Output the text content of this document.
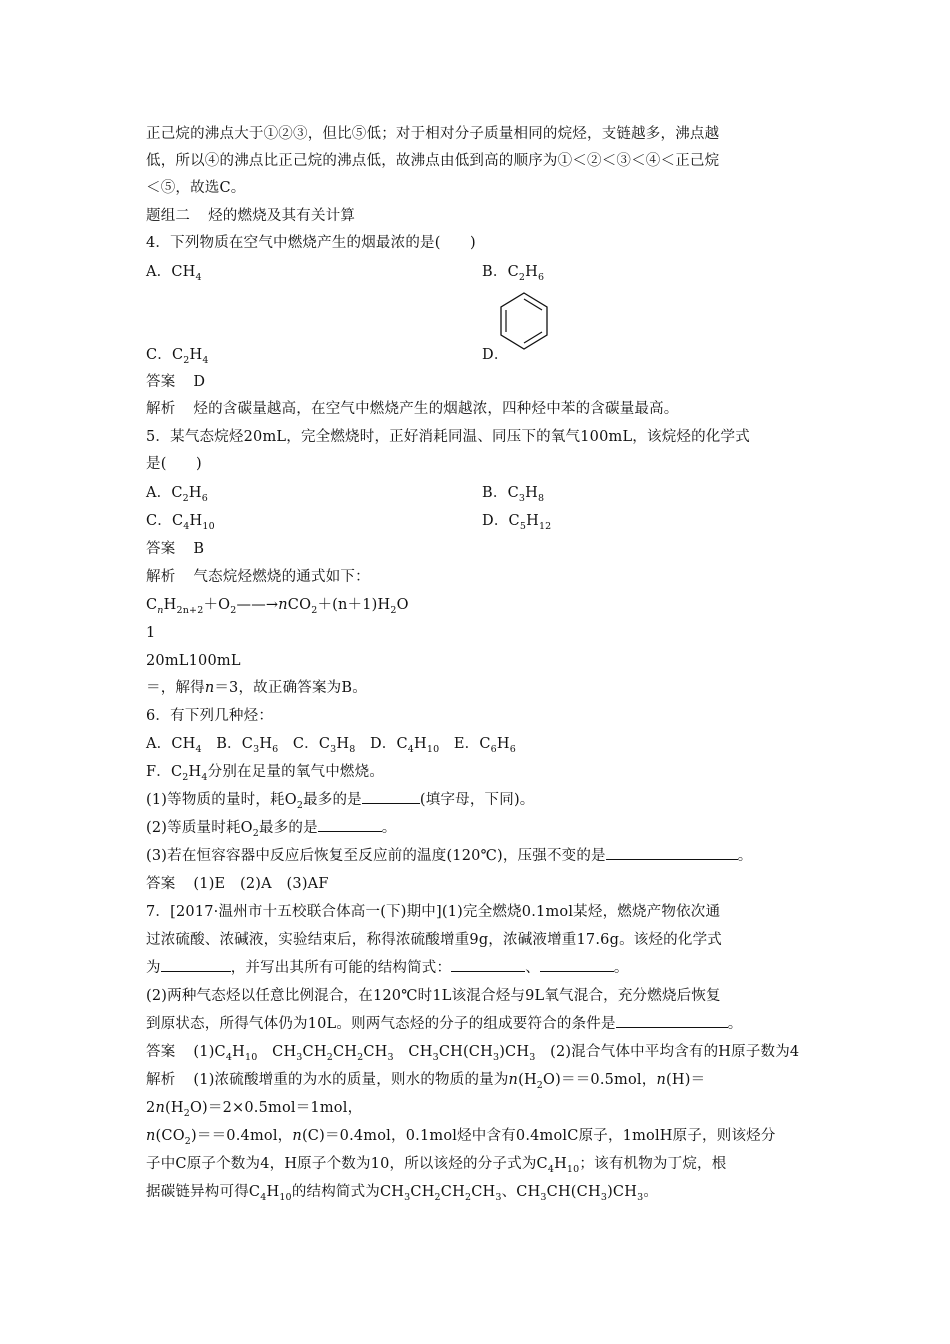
正己烷的沸点大于①②③，但比⑤低；对于相对分子质量相同的烷烃，支链越多，沸点越
低，所以④的沸点比正己烷的沸点低，故沸点由低到高的顺序为①＜②＜③＜④＜正己烷
＜⑤，故选C。
题组二 烃的燃烧及其有关计算
4．下列物质在空气中燃烧产生的烟最浓的是(　　)
A．$CH_4$	B．$C_2H_6$
C．$C_2H_4$	D．
答案 D
解析 烃的含碳量越高，在空气中燃烧产生的烟越浓，四种烃中苯的含碳量最高。
5．某气态烷烃20mL，完全燃烧时，正好消耗同温、同压下的氧气100mL，该烷烃的化学式
是(　　)
A．$C_2H_6$	B．$C_3H_8$
C．$C_4H_{10}$	D．$C_5H_{12}$
答案 B
解析 气态烷烃燃烧的通式如下：
$C_nH_{2n+2}+O_2——\to nCO_2+(n+1)H_2O$
1
20mL100mL
＝，解得n＝3，故正确答案为B。
6．有下列几种烃：
A．$CH_4$ B．$C_3H_6$ C．$C_3H_8$ D．$C_4H_{10}$ E．$C_6H_6$
F．$C_2H_4$分别在足量的氧气中燃烧。
(1)等物质的量时，耗$O_2$最多的是	(填字母，下同)。
(2)等质量时耗$O_2$最多的是	。
(3)若在恒容容器中反应后恢复至反应前的温度(120℃)，压强不变的是	。
答案 (1)E　(2)A　(3)AF
7．[2017·温州市十五校联合体高一(下)期中](1)完全燃烧0.1mol某烃，燃烧产物依次通
过浓硫酸、浓碱液，实验结束后，称得浓硫酸增重9g，浓碱液增重17.6g。该烃的化学式
为	，并写出其所有可能的结构简式：	、	。
(2)两种气态烃以任意比例混合，在120℃时1L该混合烃与9L氧气混合，充分燃烧后恢复
到原状态，所得气体仍为10L。则两气态烃的分子的组成要符合的条件是	。
答案 $(1)C_4H_{10}$　$CH_3CH_2CH_2CH_3$　$CH_3CH(CH_3)CH_3$　(2)混合气体中平均含有的H原子数为4
解析 (1)浓硫酸增重的为水的质量，则水的物质的量为$n(H_2O)==0.5mol$，n(H)＝
$2n(H_2O)=2\times 0.5mol=1mol$，
$n(CO_2)==0.4mol$，n(C)＝0.4mol，0.1mol烃中含有0.4molC原子，1molH原子，则该烃分
子中C原子个数为4，H原子个数为10，所以该烃的分子式为$C_4H_{10}$；该有机物为丁烷，根
据碳链异构可得$C_4H_{10}$的结构简式为$CH_3CH_2CH_2CH_3$、$CH_3CH(CH_3)CH_3$。
